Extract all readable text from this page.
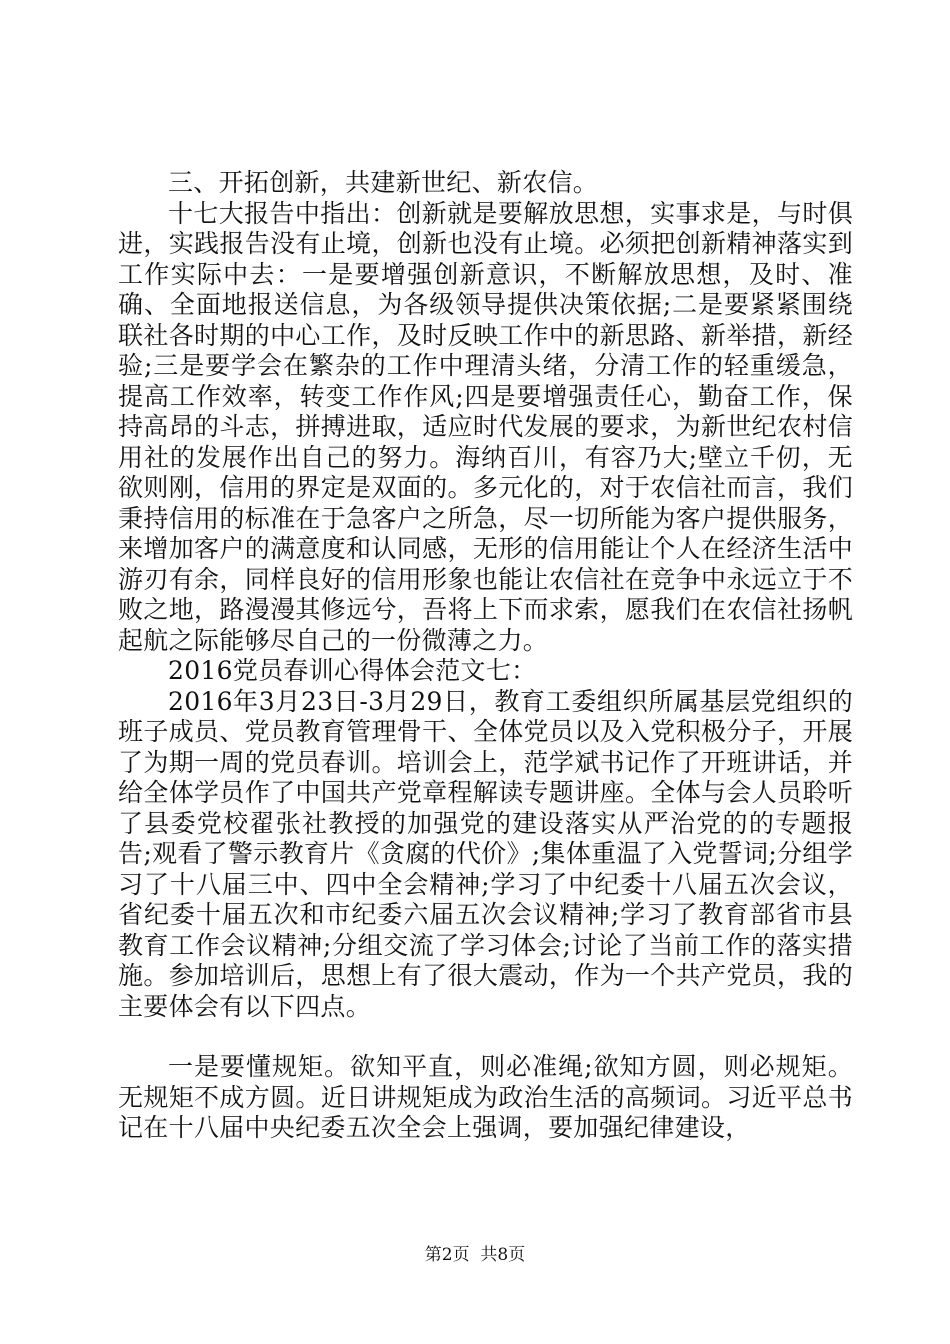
三、开拓创新，共建新世纪、新农信。

十七大报告中指出：创新就是要解放思想，实事求是，与时俱进，实践报告没有止境，创新也没有止境。必须把创新精神落实到工作实际中去：一是要增强创新意识，不断解放思想，及时、准确、全面地报送信息，为各级领导提供决策依据;二是要紧紧围绕联社各时期的中心工作，及时反映工作中的新思路、新举措，新经验;三是要学会在繁杂的工作中理清头绪，分清工作的轻重缓急，提高工作效率，转变工作作风;四是要增强责任心，勤奋工作，保持高昂的斗志，拼搏进取，适应时代发展的要求，为新世纪农村信用社的发展作出自己的努力。海纳百川，有容乃大;壁立千仞，无欲则刚，信用的界定是双面的。多元化的，对于农信社而言，我们秉持信用的标准在于急客户之所急，尽一切所能为客户提供服务，来增加客户的满意度和认同感，无形的信用能让个人在经济生活中游刃有余，同样良好的信用形象也能让农信社在竞争中永远立于不败之地，路漫漫其修远兮，吾将上下而求索，愿我们在农信社扬帆起航之际能够尽自己的一份微薄之力。

2016党员春训心得体会范文七：

2016年3月23日-3月29日，教育工委组织所属基层党组织的班子成员、党员教育管理骨干、全体党员以及入党积极分子，开展了为期一周的党员春训。培训会上，范学斌书记作了开班讲话，并给全体学员作了中国共产党章程解读专题讲座。全体与会人员聆听了县委党校翟张社教授的加强党的建设落实从严治党的的专题报告;观看了警示教育片《贪腐的代价》;集体重温了入党誓词;分组学习了十八届三中、四中全会精神;学习了中纪委十八届五次会议，省纪委十届五次和市纪委六届五次会议精神;学习了教育部省市县教育工作会议精神;分组交流了学习体会;讨论了当前工作的落实措施。参加培训后，思想上有了很大震动，作为一个共产党员，我的主要体会有以下四点。

一是要懂规矩。欲知平直，则必准绳;欲知方圆，则必规矩。无规矩不成方圆。近日讲规矩成为政治生活的高频词。习近平总书记在十八届中央纪委五次全会上强调，要加强纪律建设，

第2页  共8页
